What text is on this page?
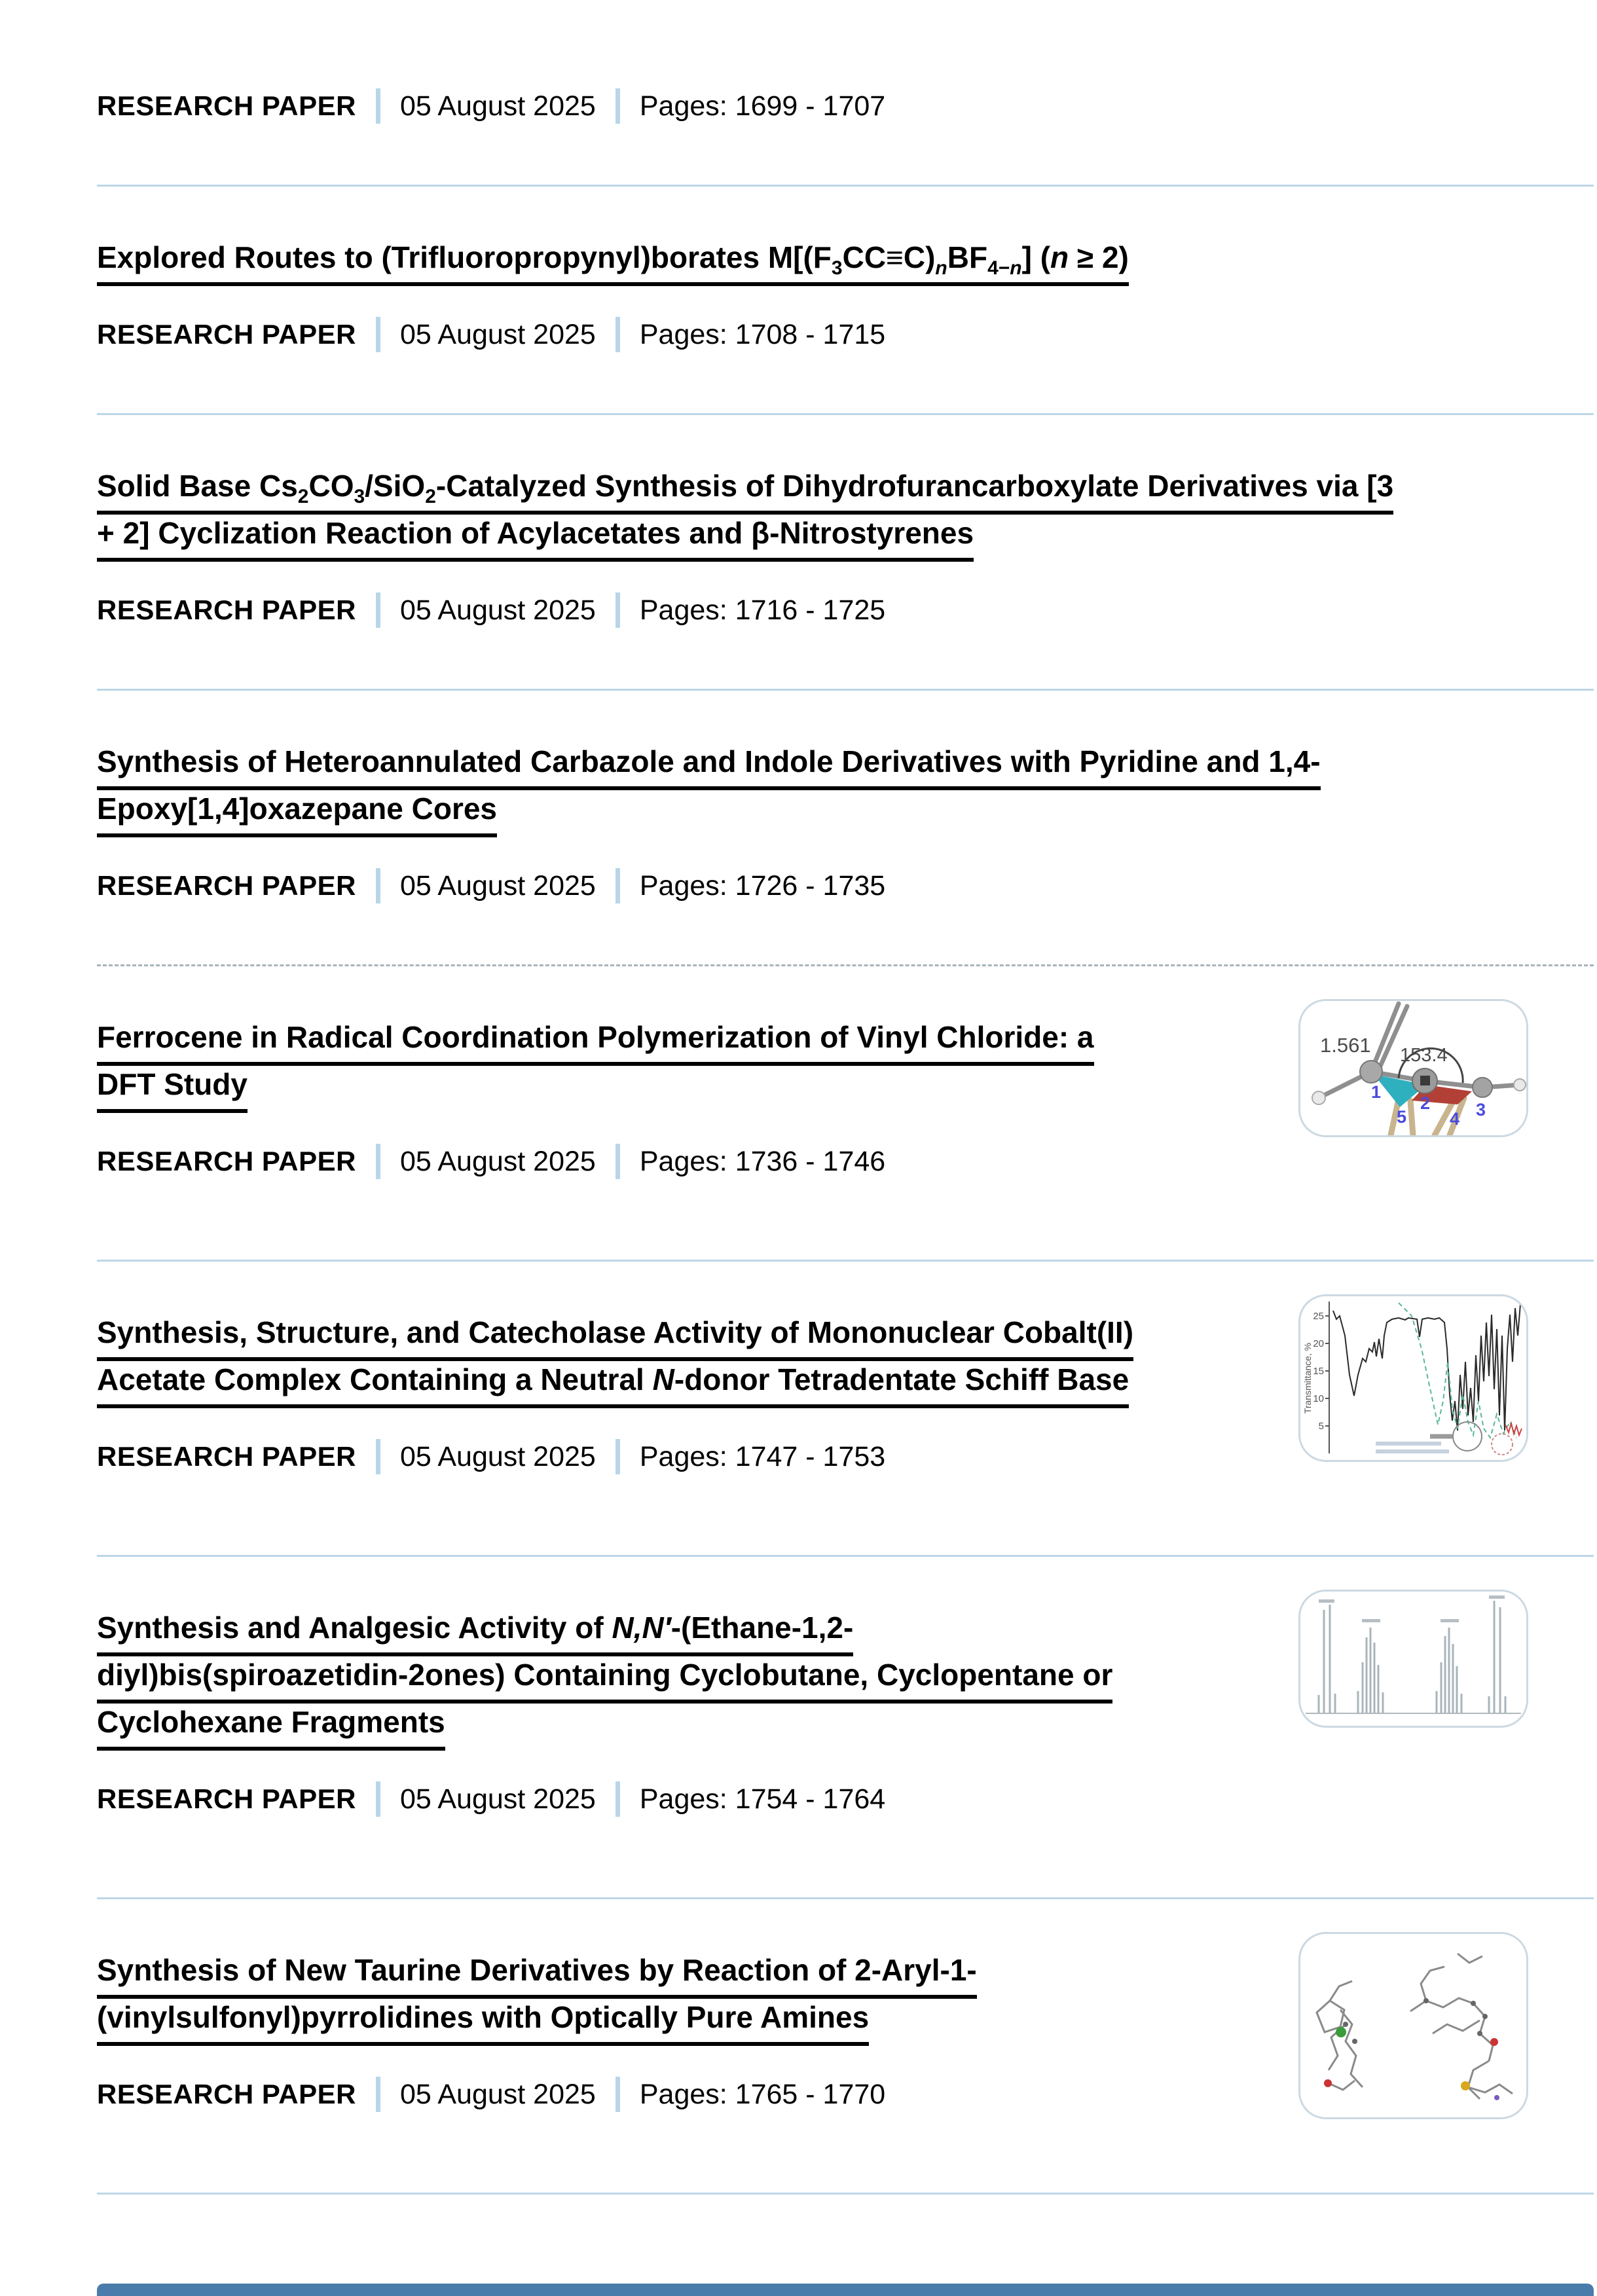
RESEARCH PAPER 05 August 2025 Pages: 1699 - 1707
Explored Routes to (Trifluoropropynyl)borates $M[(F_3CC\equiv C)_nBF_{4-n}] (n \ge 2)$
RESEARCH PAPER 05 August 2025 Pages: 1708 - 1715
Solid Base $Cs_2CO_3/SiO_2$-Catalyzed Synthesis of Dihydrofurancarboxylate Derivatives via [3
+ 2] Cyclization Reaction of Acylacetates and β-Nitrostyrenes
RESEARCH PAPER 05 August 2025 Pages: 1716 - 1725
Synthesis of Heteroannulated Carbazole and Indole Derivatives with Pyridine and 1,4-
Epoxy[1,4]oxazepane Cores
RESEARCH PAPER 05 August 2025 Pages: 1726 - 1735
Ferrocene in Radical Coordination Polymerization of Vinyl Chloride: a
DFT Study
RESEARCH PAPER 05 August 2025 Pages: 1736 - 1746
1.561 153.4
1
2
5 4 3
Synthesis, Structure, and Catecholase Activity of Mononuclear Cobalt(II)
Acetate Complex Containing a Neutral N-donor Tetradentate Schiff Base
RESEARCH PAPER 05 August 2025 Pages: 1747 - 1753
25
20
15
10
5
Transmittance, %
Synthesis and Analgesic Activity of N,N′-(Ethane-1,2-
diyl)bis(spiroazetidin-2ones) Containing Cyclobutane, Cyclopentane or
Cyclohexane Fragments
RESEARCH PAPER 05 August 2025 Pages: 1754 - 1764
Synthesis of New Taurine Derivatives by Reaction of 2-Aryl-1-
(vinylsulfonyl)pyrrolidines with Optically Pure Amines
RESEARCH PAPER 05 August 2025 Pages: 1765 - 1770
